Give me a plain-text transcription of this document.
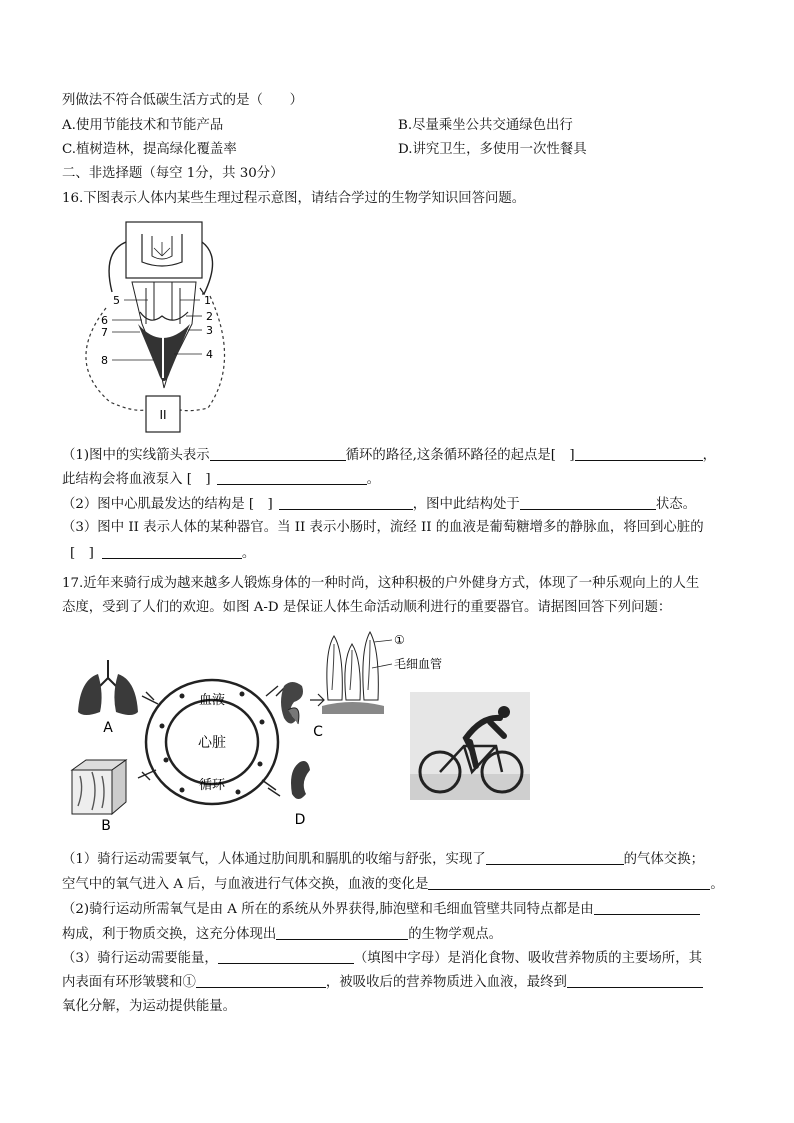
列做法不符合低碳生活方式的是（　　）
A.使用节能技术和节能产品	B.尽量乘坐公共交通绿色出行
C.植树造林，提高绿化覆盖率	D.讲究卫生，多使用一次性餐具
二、非选择题（每空 1分，共 30分）
16.下图表示人体内某些生理过程示意图，请结合学过的生物学知识回答问题。
5	1
6	2
7	3
8	4
II
（1)图中的实线箭头表示	循环的路径,这条循环路径的起点是[　]	，
此结构会将血液泵入 [　]	。
（2）图中心肌最发达的结构是 [　]	，图中此结构处于	状态。
（3）图中 II 表示人体的某种器官。当 II 表示小肠时，流经 II 的血液是葡萄糖增多的静脉血，将回到心脏的
[　]	。
17.近年来骑行成为越来越多人锻炼身体的一种时尚，这种积极的户外健身方式，体现了一种乐观向上的人生
态度，受到了人们的欢迎。如图 A-D 是保证人体生命活动顺利进行的重要器官。请据图回答下列问题：
A
B
血液
心脏
循环
D
C
①
毛细血管
（1）骑行运动需要氧气，人体通过肋间肌和膈肌的收缩与舒张，实现了	的气体交换；
空气中的氧气进入 A 后，与血液进行气体交换，血液的变化是	。
（2)骑行运动所需氧气是由 A 所在的系统从外界获得,肺泡壁和毛细血管壁共同特点都是由
构成，利于物质交换，这充分体现出	的生物学观点。
（3）骑行运动需要能量，	（填图中字母）是消化食物、吸收营养物质的主要场所，其
内表面有环形皱襞和①	，被吸收后的营养物质进入血液，最终到
氧化分解，为运动提供能量。
